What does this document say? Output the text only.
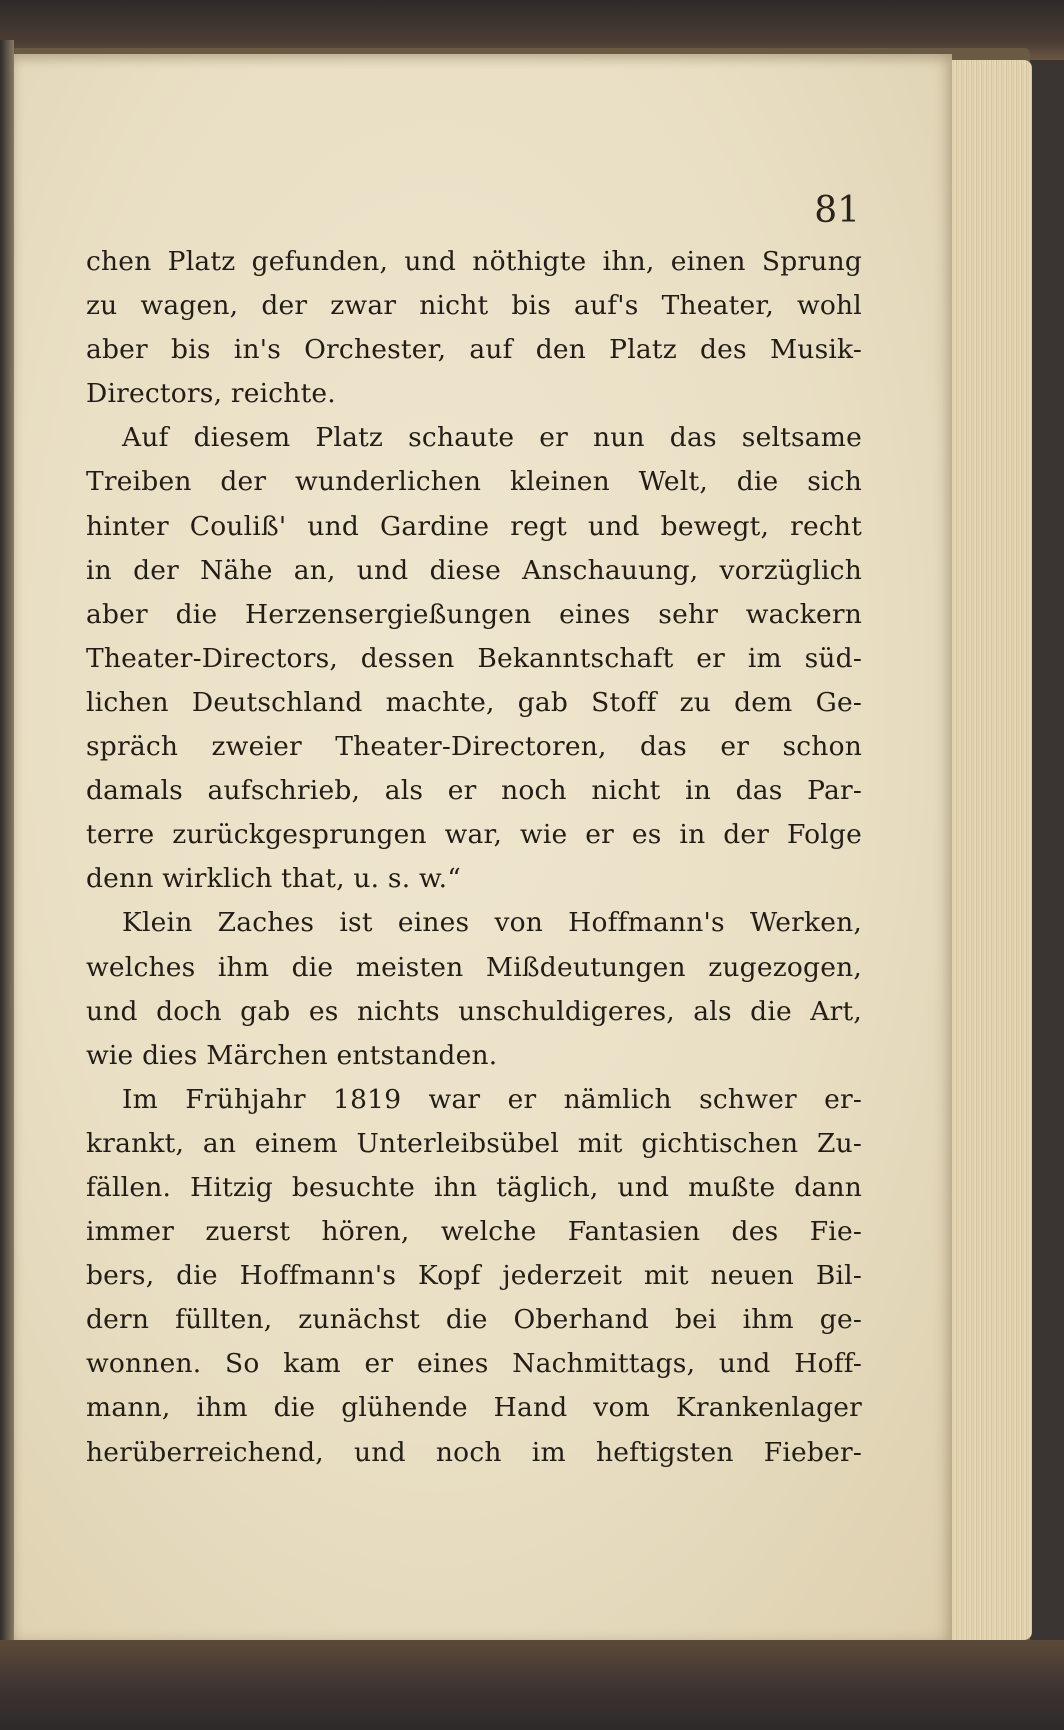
81
chen Platz gefunden, und nöthigte ihn, einen Sprung
zu wagen, der zwar nicht bis auf's Theater, wohl
aber bis in's Orchester, auf den Platz des Musik-
Directors, reichte.
Auf diesem Platz schaute er nun das seltsame
Treiben der wunderlichen kleinen Welt, die sich
hinter Couliß' und Gardine regt und bewegt, recht
in der Nähe an, und diese Anschauung, vorzüglich
aber die Herzensergießungen eines sehr wackern
Theater-Directors, dessen Bekanntschaft er im süd-
lichen Deutschland machte, gab Stoff zu dem Ge-
spräch zweier Theater-Directoren, das er schon
damals aufschrieb, als er noch nicht in das Par-
terre zurückgesprungen war, wie er es in der Folge
denn wirklich that, u. s. w.“
Klein Zaches ist eines von Hoffmann's Werken,
welches ihm die meisten Mißdeutungen zugezogen,
und doch gab es nichts unschuldigeres, als die Art,
wie dies Märchen entstanden.
Im Frühjahr 1819 war er nämlich schwer er-
krankt, an einem Unterleibsübel mit gichtischen Zu-
fällen. Hitzig besuchte ihn täglich, und mußte dann
immer zuerst hören, welche Fantasien des Fie-
bers, die Hoffmann's Kopf jederzeit mit neuen Bil-
dern füllten, zunächst die Oberhand bei ihm ge-
wonnen. So kam er eines Nachmittags, und Hoff-
mann, ihm die glühende Hand vom Krankenlager
herüberreichend, und noch im heftigsten Fieber-
